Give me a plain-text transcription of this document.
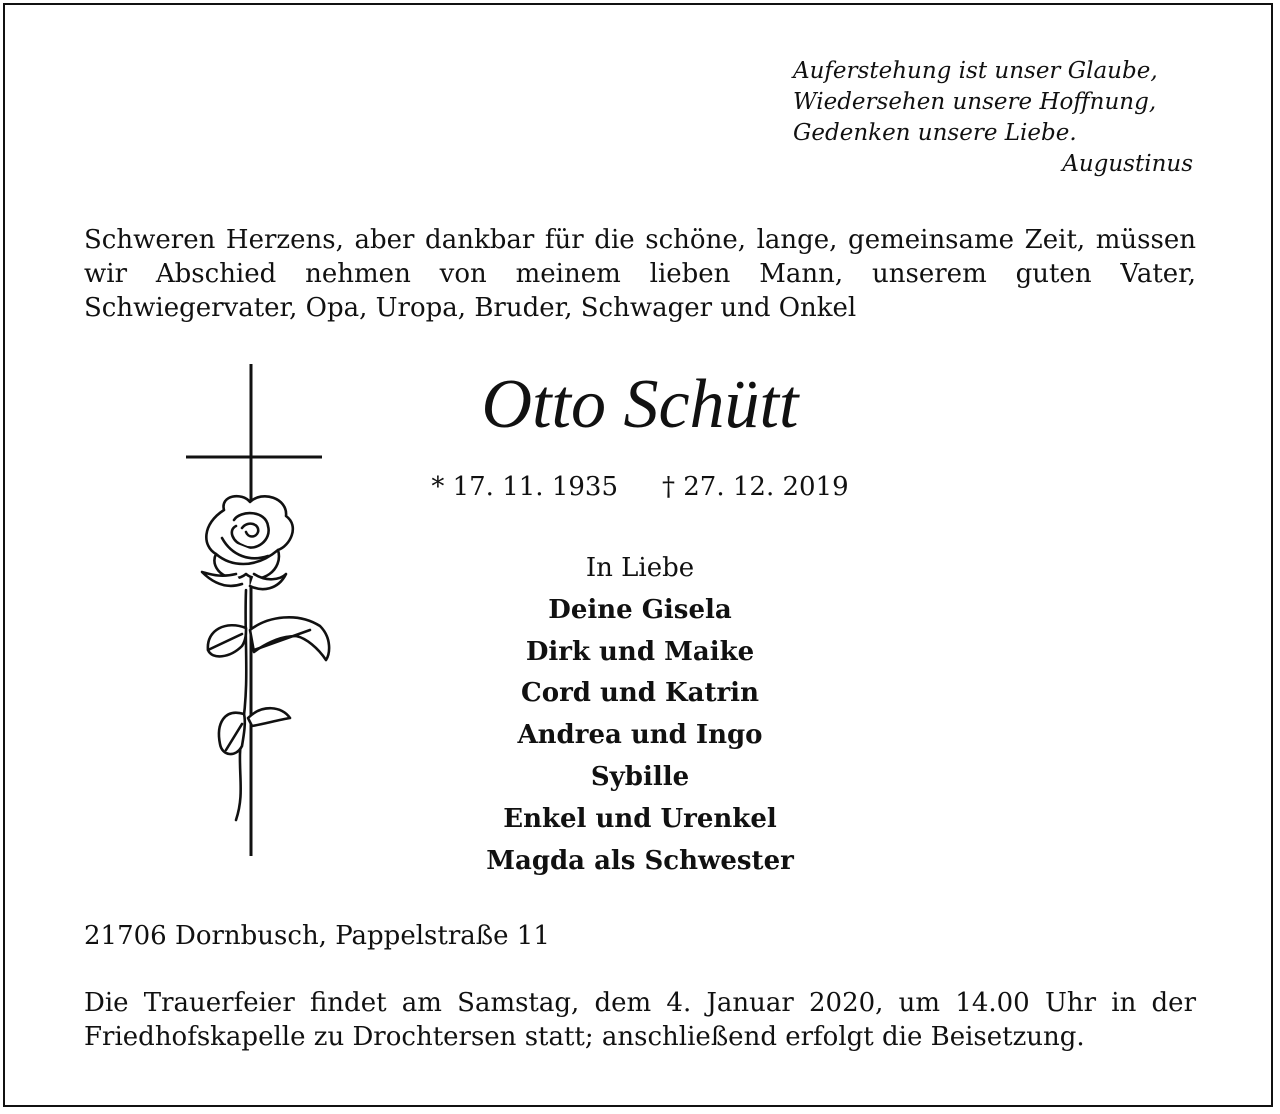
Auferstehung ist unser Glaube,
Wiedersehen unsere Hoffnung,
Gedenken unsere Liebe.
Augustinus
Schweren Herzens, aber dankbar für die schöne, lange, gemeinsame Zeit, müssen wir Abschied nehmen von meinem lieben Mann, unserem guten Vater, Schwiegervater, Opa, Uropa, Bruder, Schwager und Onkel
Otto Schütt
* 17. 11. 1935 † 27. 12. 2019
In Liebe
Deine Gisela
Dirk und Maike
Cord und Katrin
Andrea und Ingo
Sybille
Enkel und Urenkel
Magda als Schwester
21706 Dornbusch, Pappelstraße 11
Die Trauerfeier findet am Samstag, dem 4. Januar 2020, um 14.00 Uhr in der Friedhofskapelle zu Drochtersen statt; anschließend erfolgt die Beisetzung.
